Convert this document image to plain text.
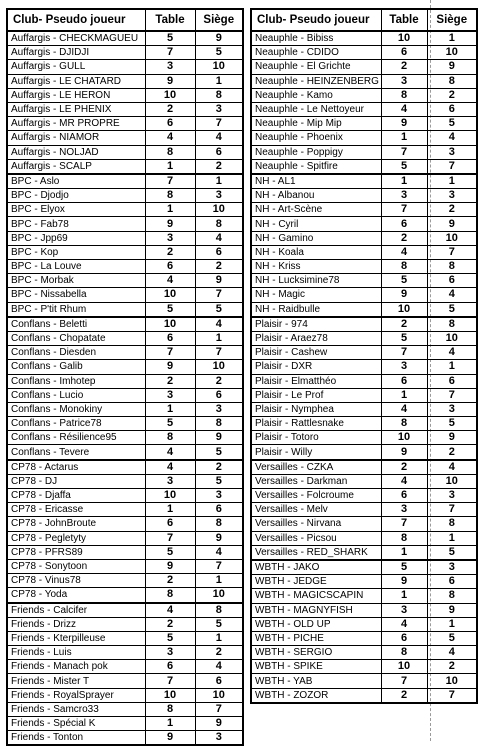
Club- Pseudo joueur	Table	Siège
Auffargis - CHECKMAGUEU	5	9
Auffargis - DJIDJI	7	5
Auffargis - GULL	3	10
Auffargis - LE CHATARD	9	1
Auffargis - LE HERON	10	8
Auffargis - LE PHENIX	2	3
Auffargis - MR PROPRE	6	7
Auffargis - NIAMOR	4	4
Auffargis - NOLJAD	8	6
Auffargis - SCALP	1	2
BPC - Aslo	7	1
BPC - Djodjo	8	3
BPC - Elyox	1	10
BPC - Fab78	9	8
BPC - Jpp69	3	4
BPC - Kop	2	6
BPC - La Louve	6	2
BPC - Morbak	4	9
BPC - Nissabella	10	7
BPC - P'tit Rhum	5	5
Conflans - Beletti	10	4
Conflans - Chopatate	6	1
Conflans - Diesden	7	7
Conflans - Galib	9	10
Conflans - Imhotep	2	2
Conflans - Lucio	3	6
Conflans - Monokiny	1	3
Conflans - Patrice78	5	8
Conflans - Résilience95	8	9
Conflans - Tevere	4	5
CP78 - Actarus	4	2
CP78 - DJ	3	5
CP78 - Djaffa	10	3
CP78 - Ericasse	1	6
CP78 - JohnBroute	6	8
CP78 - Pegletyty	7	9
CP78 - PFRS89	5	4
CP78 - Sonytoon	9	7
CP78 - Vinus78	2	1
CP78 - Yoda	8	10
Friends - Calcifer	4	8
Friends - Drizz	2	5
Friends - Kterpilleuse	5	1
Friends - Luis	3	2
Friends - Manach pok	6	4
Friends - Mister T	7	6
Friends - RoyalSprayer	10	10
Friends - Samcro33	8	7
Friends - Spécial K	1	9
Friends - Tonton	9	3
Club- Pseudo joueur	Table	Siège
Neauphle - Bibiss	10	1
Neauphle - CDIDO	6	10
Neauphle - El Grichte	2	9
Neauphle - HEINZENBERG	3	8
Neauphle - Kamo	8	2
Neauphle - Le Nettoyeur	4	6
Neauphle - Mip Mip	9	5
Neauphle - Phoenix	1	4
Neauphle - Poppigy	7	3
Neauphle - Spitfire	5	7
NH - AL1	1	1
NH - Albanou	3	3
NH - Art-Scène	7	2
NH - Cyril	6	9
NH - Gamino	2	10
NH - Koala	4	7
NH - Kriss	8	8
NH - Lucksimine78	5	6
NH - Magic	9	4
NH - Raidbulle	10	5
Plaisir - 974	2	8
Plaisir - Araez78	5	10
Plaisir - Cashew	7	4
Plaisir - DXR	3	1
Plaisir - Elmatthéo	6	6
Plaisir - Le Prof	1	7
Plaisir - Nymphea	4	3
Plaisir - Rattlesnake	8	5
Plaisir - Totoro	10	9
Plaisir - Willy	9	2
Versailles - CZKA	2	4
Versailles - Darkman	4	10
Versailles - Folcroume	6	3
Versailles - Melv	3	7
Versailles - Nirvana	7	8
Versailles - Picsou	8	1
Versailles - RED_SHARK	1	5
WBTH - JAKO	5	3
WBTH - JEDGE	9	6
WBTH - MAGICSCAPIN	1	8
WBTH - MAGNYFISH	3	9
WBTH - OLD UP	4	1
WBTH - PICHE	6	5
WBTH - SERGIO	8	4
WBTH - SPIKE	10	2
WBTH - YAB	7	10
WBTH - ZOZOR	2	7
